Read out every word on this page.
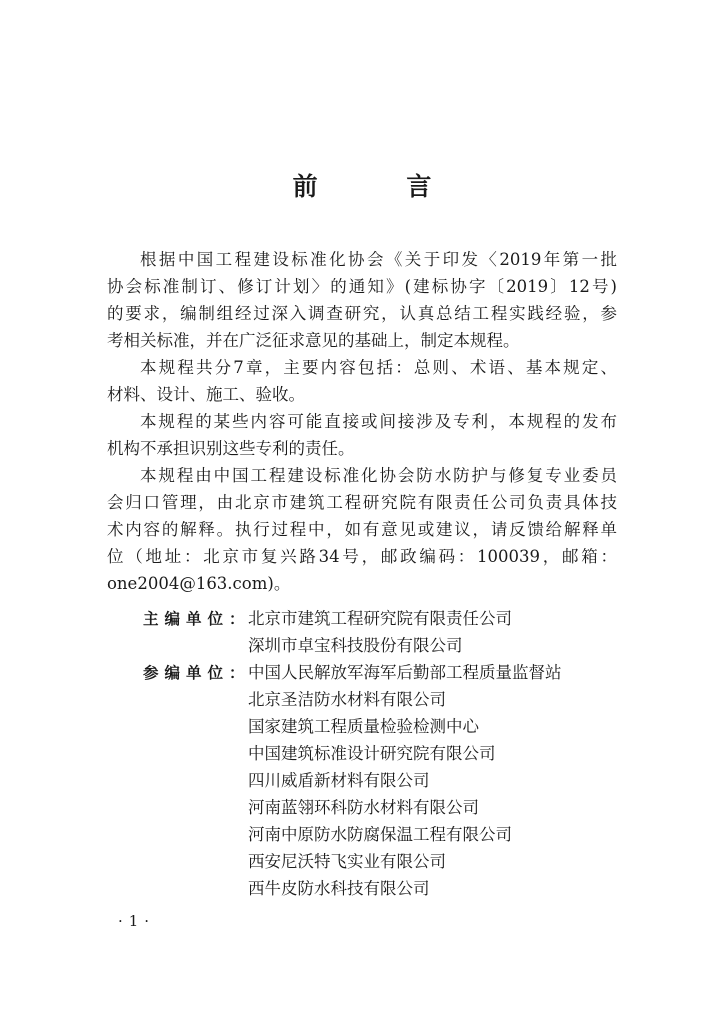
前 言
根据中国工程建设标准化协会《关于印发〈2019年第一批
协会标准制订、修订计划〉的通知》(建标协字〔2019〕12号)
的要求，编制组经过深入调查研究，认真总结工程实践经验，参
考相关标准，并在广泛征求意见的基础上，制定本规程。
本规程共分7章，主要内容包括：总则、术语、基本规定、
材料、设计、施工、验收。
本规程的某些内容可能直接或间接涉及专利，本规程的发布
机构不承担识别这些专利的责任。
本规程由中国工程建设标准化协会防水防护与修复专业委员
会归口管理，由北京市建筑工程研究院有限责任公司负责具体技
术内容的解释。执行过程中，如有意见或建议，请反馈给解释单
位（地址：北京市复兴路34号，邮政编码：100039，邮箱：
one2004@163.com)。
主编单位：北京市建筑工程研究院有限责任公司
深圳市卓宝科技股份有限公司
参编单位：中国人民解放军海军后勤部工程质量监督站
北京圣洁防水材料有限公司
国家建筑工程质量检验检测中心
中国建筑标准设计研究院有限公司
四川威盾新材料有限公司
河南蓝翎环科防水材料有限公司
河南中原防水防腐保温工程有限公司
西安尼沃特飞实业有限公司
西牛皮防水科技有限公司
·1·
